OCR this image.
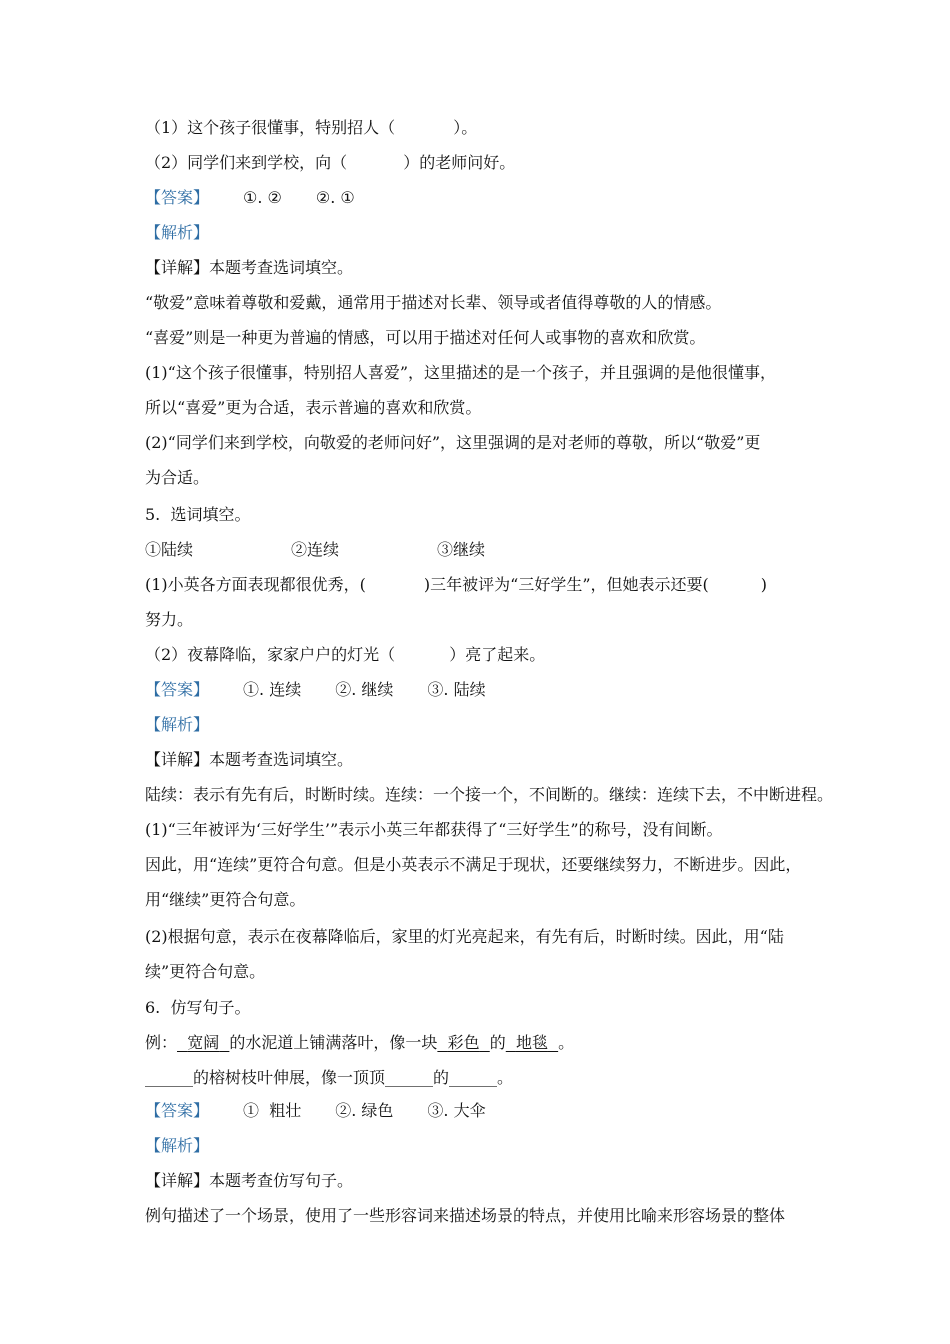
（1）这个孩子很懂事，特别招人（	）。
（2）同学们来到学校，向（	）的老师问好。
【答案】 ①. ② ②. ①
【解析】
【详解】本题考查选词填空。
“敬爱”意味着尊敬和爱戴，通常用于描述对长辈、领导或者值得尊敬的人的情感。
“喜爱”则是一种更为普遍的情感，可以用于描述对任何人或事物的喜欢和欣赏。
(1)“这个孩子很懂事，特别招人喜爱”，这里描述的是一个孩子，并且强调的是他很懂事，
所以“喜爱”更为合适，表示普遍的喜欢和欣赏。
(2)“同学们来到学校，向敬爱的老师问好”，这里强调的是对老师的尊敬，所以“敬爱”更
为合适。
5.  选词填空。
①陆续	②连续	③继续
(1)小英各方面表现都很优秀，(	)三年被评为“三好学生”，但她表示还要(	)
努力。
（2）夜幕降临，家家户户的灯光（	）亮了起来。
【答案】 ①. 连续 ②. 继续 ③. 陆续
【解析】
【详解】本题考查选词填空。
陆续：表示有先有后，时断时续。连续：一个接一个，不间断的。继续：连续下去，不中断进程。
(1)“三年被评为‘三好学生’”表示小英三年都获得了“三好学生”的称号，没有间断。
因此，用“连续”更符合句意。但是小英表示不满足于现状，还要继续努力，不断进步。因此，
用“继续”更符合句意。
(2)根据句意，表示在夜幕降临后，家里的灯光亮起来，有先有后，时断时续。因此，用“陆
续”更符合句意。
6.  仿写句子。
例： 宽阔 的水泥道上铺满落叶，像一块 彩色 的 地毯 。
______的榕树枝叶伸展，像一顶顶______的______。
【答案】 ①  粗壮 ②. 绿色 ③. 大伞
【解析】
【详解】本题考查仿写句子。
例句描述了一个场景，使用了一些形容词来描述场景的特点，并使用比喻来形容场景的整体
